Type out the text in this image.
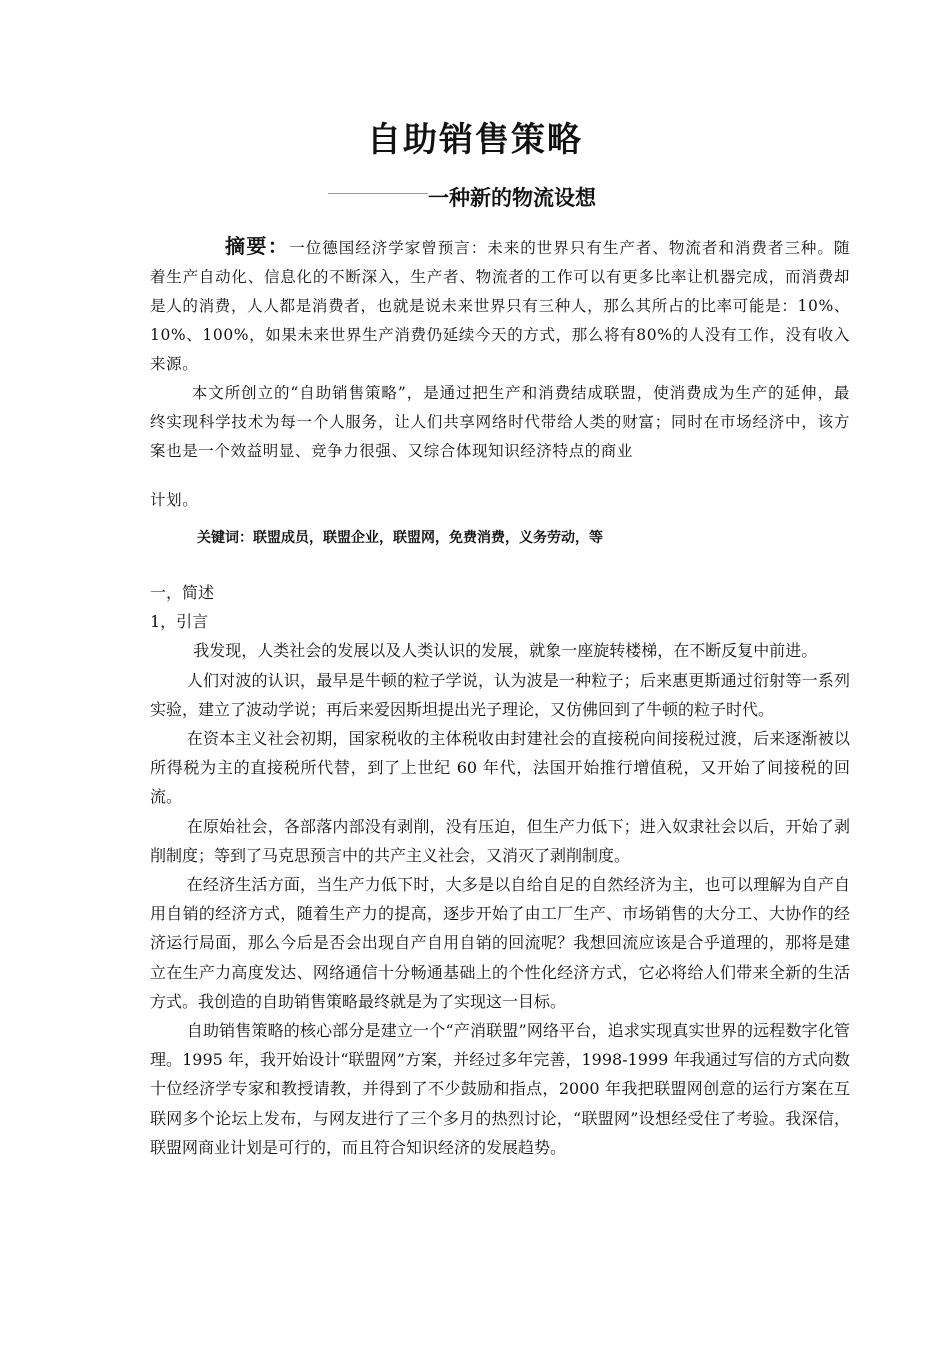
自助销售策略
一种新的物流设想

摘要：一位德国经济学家曾预言：未来的世界只有生产者、物流者和消费者三种。随着生产自动化、信息化的不断深入，生产者、物流者的工作可以有更多比率让机器完成，而消费却是人的消费，人人都是消费者，也就是说未来世界只有三种人，那么其所占的比率可能是：10%、10%、100%，如果未来世界生产消费仍延续今天的方式，那么将有80%的人没有工作，没有收入来源。

本文所创立的“自助销售策略”，是通过把生产和消费结成联盟，使消费成为生产的延伸，最终实现科学技术为每一个人服务，让人们共享网络时代带给人类的财富；同时在市场经济中，该方案也是一个效益明显、竞争力很强、又综合体现知识经济特点的商业

计划。

关键词：联盟成员，联盟企业，联盟网，免费消费，义务劳动，等

一，简述

1，引言

我发现，人类社会的发展以及人类认识的发展，就象一座旋转楼梯，在不断反复中前进。

人们对波的认识，最早是牛顿的粒子学说，认为波是一种粒子；后来惠更斯通过衍射等一系列实验，建立了波动学说；再后来爱因斯坦提出光子理论，又仿佛回到了牛顿的粒子时代。

在资本主义社会初期，国家税收的主体税收由封建社会的直接税向间接税过渡，后来逐渐被以所得税为主的直接税所代替，到了上世纪 60 年代，法国开始推行增值税，又开始了间接税的回流。

在原始社会，各部落内部没有剥削，没有压迫，但生产力低下；进入奴隶社会以后，开始了剥削制度；等到了马克思预言中的共产主义社会，又消灭了剥削制度。

在经济生活方面，当生产力低下时，大多是以自给自足的自然经济为主，也可以理解为自产自用自销的经济方式，随着生产力的提高，逐步开始了由工厂生产、市场销售的大分工、大协作的经济运行局面，那么今后是否会出现自产自用自销的回流呢？我想回流应该是合乎道理的，那将是建立在生产力高度发达、网络通信十分畅通基础上的个性化经济方式，它必将给人们带来全新的生活方式。我创造的自助销售策略最终就是为了实现这一目标。

自助销售策略的核心部分是建立一个“产消联盟”网络平台，追求实现真实世界的远程数字化管理。1995 年，我开始设计“联盟网”方案，并经过多年完善，1998-1999 年我通过写信的方式向数十位经济学专家和教授请教，并得到了不少鼓励和指点，2000 年我把联盟网创意的运行方案在互联网多个论坛上发布，与网友进行了三个多月的热烈讨论，“联盟网”设想经受住了考验。我深信，联盟网商业计划是可行的，而且符合知识经济的发展趋势。
